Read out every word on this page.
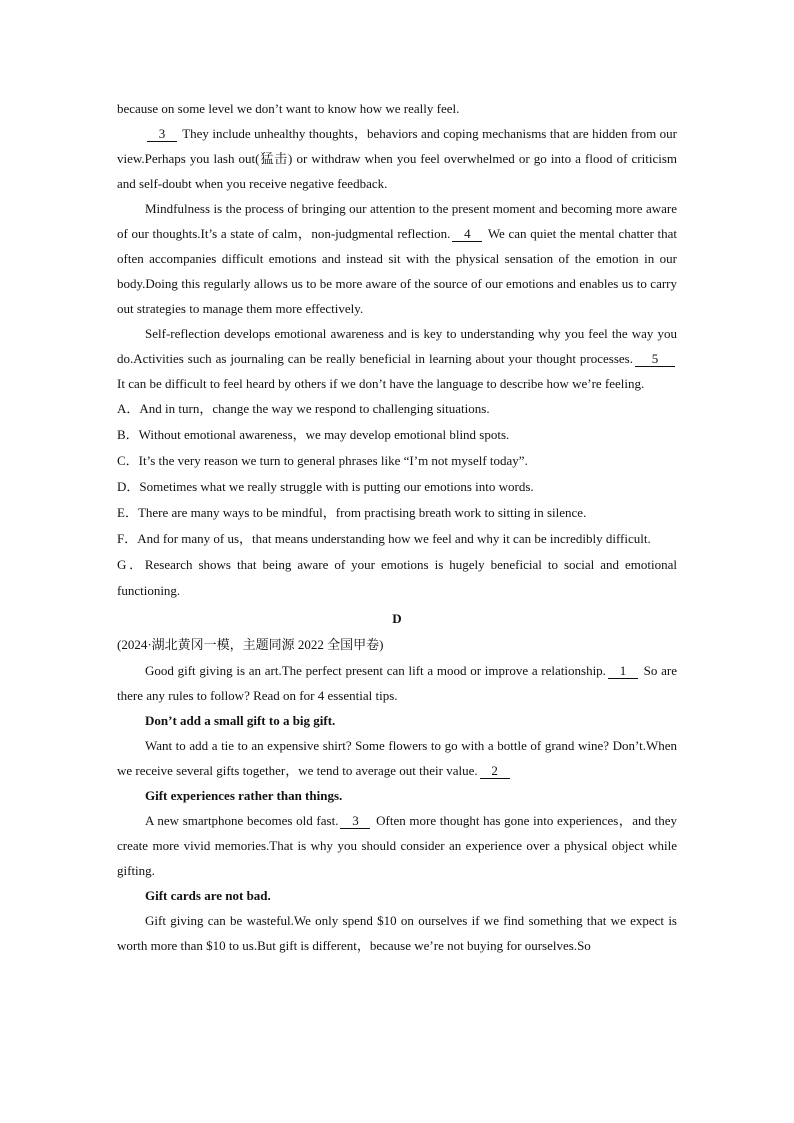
because on some level we don’t want to know how we really feel.

3 They include unhealthy thoughts，behaviors and coping mechanisms that are hidden from our view.Perhaps you lash out(猛击) or withdraw when you feel overwhelmed or go into a flood of criticism and self-doubt when you receive negative feedback.

Mindfulness is the process of bringing our attention to the present moment and becoming more aware of our thoughts.It’s a state of calm，non-judgmental reflection. 4 We can quiet the mental chatter that often accompanies difficult emotions and instead sit with the physical sensation of the emotion in our body.Doing this regularly allows us to be more aware of the source of our emotions and enables us to carry out strategies to manage them more effectively.

Self-reflection develops emotional awareness and is key to understanding why you feel the way you do.Activities such as journaling can be really beneficial in learning about your thought processes. 5 It can be difficult to feel heard by others if we don’t have the language to describe how we’re feeling.

A．And in turn，change the way we respond to challenging situations.

B．Without emotional awareness，we may develop emotional blind spots.

C．It’s the very reason we turn to general phrases like “I’m not myself today”.

D．Sometimes what we really struggle with is putting our emotions into words.

E．There are many ways to be mindful，from practising breath work to sitting in silence.

F．And for many of us，that means understanding how we feel and why it can be incredibly difficult.

G．Research shows that being aware of your emotions is hugely beneficial to social and emotional functioning.

D

(2024·湖北黄冈一模，主题同源 2022 全国甲卷)

Good gift giving is an art.The perfect present can lift a mood or improve a relationship. 1 So are there any rules to follow? Read on for 4 essential tips.

Don’t add a small gift to a big gift.

Want to add a tie to an expensive shirt? Some flowers to go with a bottle of grand wine? Don’t.When we receive several gifts together，we tend to average out their value. 2

Gift experiences rather than things.

A new smartphone becomes old fast. 3 Often more thought has gone into experiences，and they create more vivid memories.That is why you should consider an experience over a physical object while gifting.

Gift cards are not bad.

Gift giving can be wasteful.We only spend $10 on ourselves if we find something that we expect is worth more than $10 to us.But gift is different，because we’re not buying for ourselves.So
